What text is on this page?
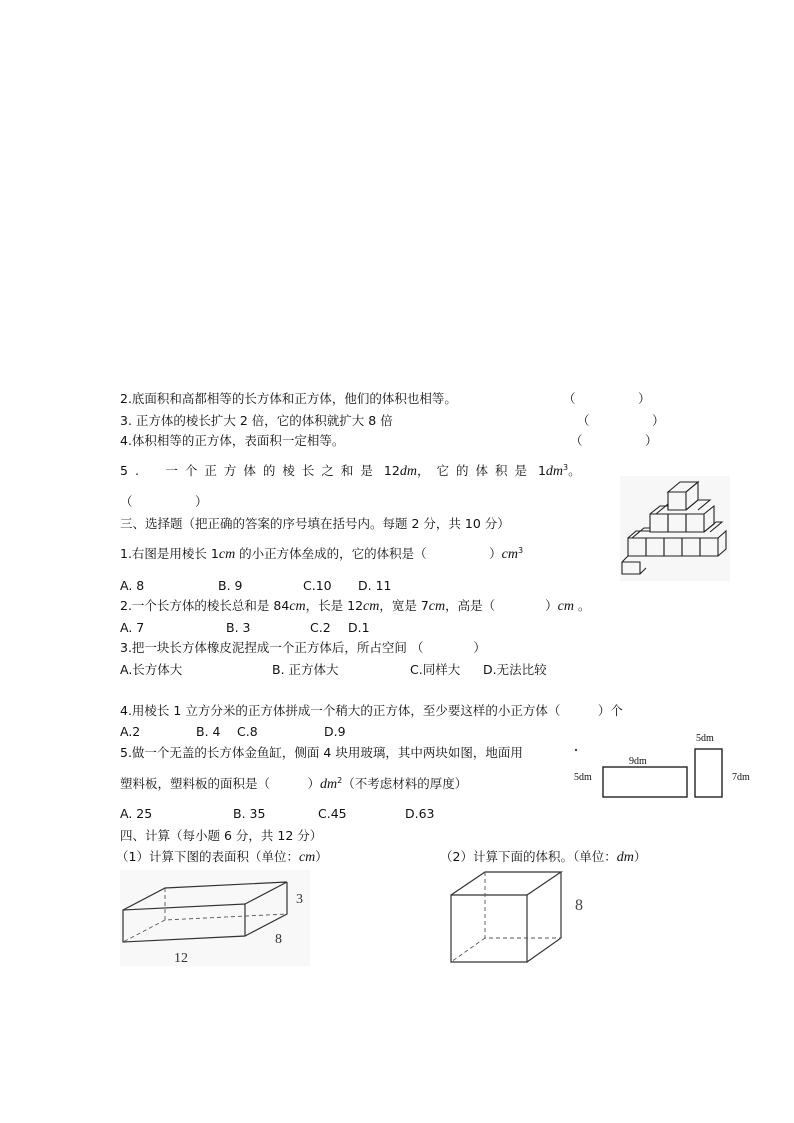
2.底面积和高都相等的长方体和正方体，他们的体积也相等。	（　　　　　）
3. 正方体的棱长扩大 2 倍，它的体积就扩大 8 倍	（　　　　　）
4.体积相等的正方体，表面积一定相等。	（　　　　　）
5.　一个正方体的棱长之和是 12dm，它的体积是 $1dm^3$。
（　　　　　）
三、选择题（把正确的答案的序号填在括号内。每题 2 分，共 10 分）
1.右图是用棱长 1cm 的小正方体垒成的，它的体积是（　　　　　）$cm^3$
A. 8	B. 9	C.10 D. 11
2.一个长方体的棱长总和是 84cm，长是 12cm，宽是 7cm，高是（　　　　）cm 。
A. 7	B. 3	C.2 D.1
3.把一块长方体橡皮泥捏成一个正方体后，所占空间 （　　　　）
A.长方体大	B. 正方体大	C.同样大 D.无法比较
4.用棱长 1 立方分米的正方体拼成一个稍大的正方体，至少要这样的小正方体（　　　）个
A.2	B. 4 C.8	D.9
5.做一个无盖的长方体金鱼缸，侧面 4 块用玻璃，其中两块如图，地面用
塑料板，塑料板的面积是（　　　）$dm^2$（不考虑材料的厚度）
A. 25	B. 35	C.45	D.63
四、计算（每小题 6 分，共 12 分）
（1）计算下图的表面积（单位：cm）	（2）计算下面的体积。（单位：dm）
5dm
9dm
5dm	7dm
3
8
12
8
